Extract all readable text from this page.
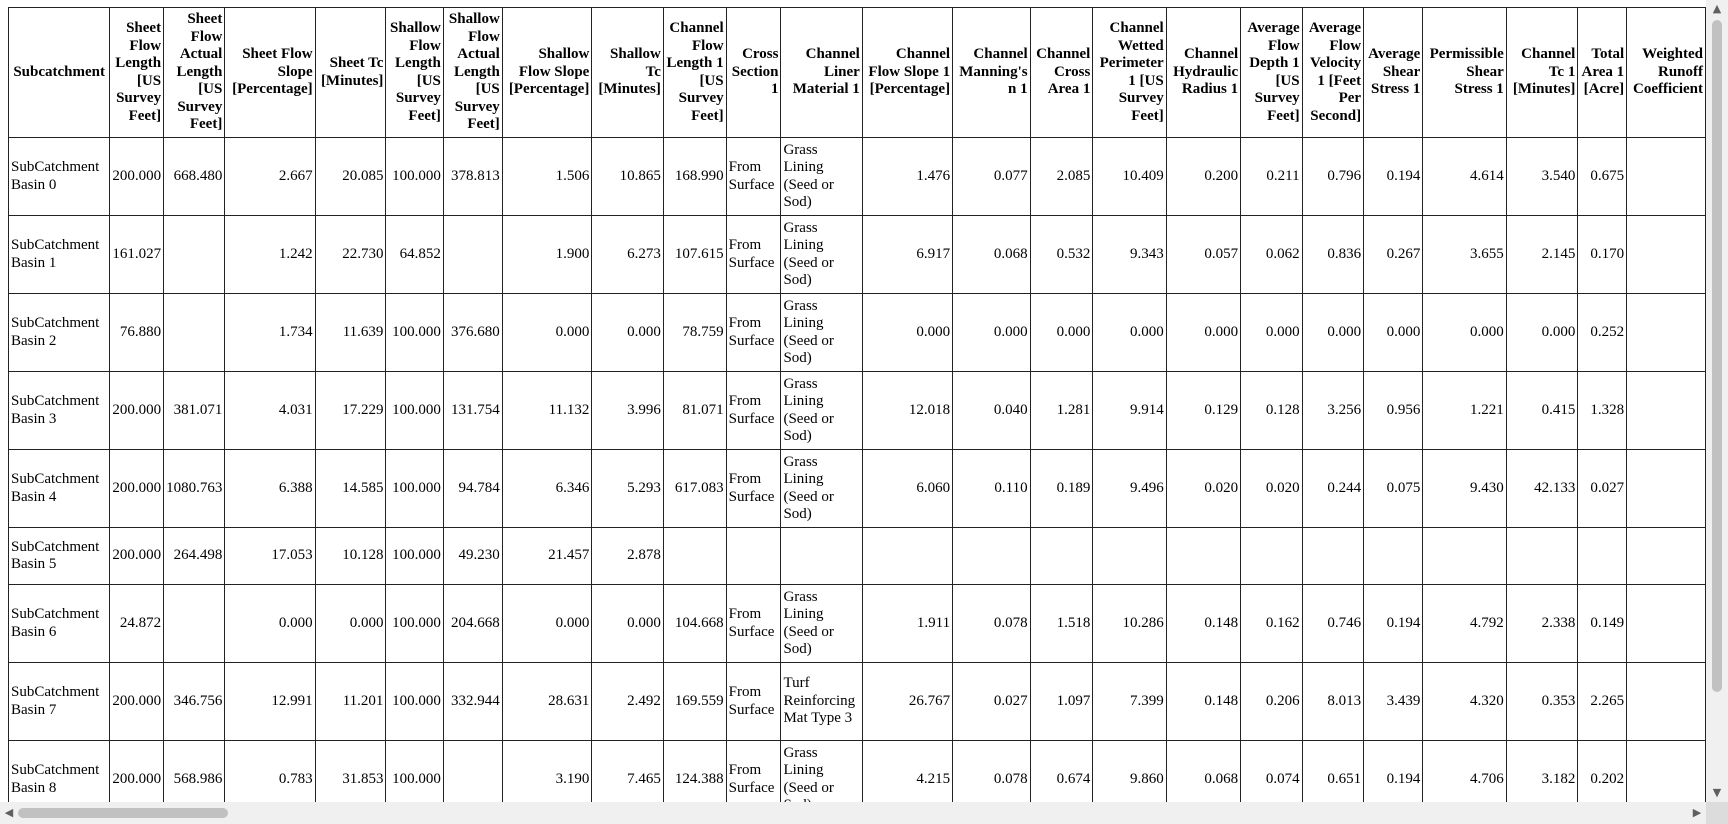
Subcatchment	Sheet Flow Length [US Survey Feet]	Sheet Flow Actual Length [US Survey Feet]	Sheet Flow Slope [Percentage]	Sheet Tc [Minutes]	Shallow Flow Length [US Survey Feet]	Shallow Flow Actual Length [US Survey Feet]	Shallow Flow Slope [Percentage]	Shallow Tc [Minutes]	Channel Flow Length 1 [US Survey Feet]	Cross Section 1	Channel Liner Material 1	Channel Flow Slope 1 [Percentage]	Channel Manning's n 1	Channel Cross Area 1	Channel Wetted Perimeter 1 [US Survey Feet]	Channel Hydraulic Radius 1	Average Flow Depth 1 [US Survey Feet]	Average Flow Velocity 1 [Feet Per Second]	Average Shear Stress 1	Permissible Shear Stress 1	Channel Tc 1 [Minutes]	Total Area 1 [Acre]	Weighted Runoff Coefficient
SubCatchment Basin 0	200.000	668.480	2.667	20.085	100.000	378.813	1.506	10.865	168.990	From Surface	Grass Lining (Seed or Sod)	1.476	0.077	2.085	10.409	0.200	0.211	0.796	0.194	4.614	3.540	0.675	
SubCatchment Basin 1	161.027		1.242	22.730	64.852		1.900	6.273	107.615	From Surface	Grass Lining (Seed or Sod)	6.917	0.068	0.532	9.343	0.057	0.062	0.836	0.267	3.655	2.145	0.170	
SubCatchment Basin 2	76.880		1.734	11.639	100.000	376.680	0.000	0.000	78.759	From Surface	Grass Lining (Seed or Sod)	0.000	0.000	0.000	0.000	0.000	0.000	0.000	0.000	0.000	0.000	0.252	
SubCatchment Basin 3	200.000	381.071	4.031	17.229	100.000	131.754	11.132	3.996	81.071	From Surface	Grass Lining (Seed or Sod)	12.018	0.040	1.281	9.914	0.129	0.128	3.256	0.956	1.221	0.415	1.328	
SubCatchment Basin 4	200.000	1080.763	6.388	14.585	100.000	94.784	6.346	5.293	617.083	From Surface	Grass Lining (Seed or Sod)	6.060	0.110	0.189	9.496	0.020	0.020	0.244	0.075	9.430	42.133	0.027	
SubCatchment Basin 5	200.000	264.498	17.053	10.128	100.000	49.230	21.457	2.878															
SubCatchment Basin 6	24.872		0.000	0.000	100.000	204.668	0.000	0.000	104.668	From Surface	Grass Lining (Seed or Sod)	1.911	0.078	1.518	10.286	0.148	0.162	0.746	0.194	4.792	2.338	0.149	
SubCatchment Basin 7	200.000	346.756	12.991	11.201	100.000	332.944	28.631	2.492	169.559	From Surface	Turf Reinforcing Mat Type 3	26.767	0.027	1.097	7.399	0.148	0.206	8.013	3.439	4.320	0.353	2.265	
SubCatchment Basin 8	200.000	568.986	0.783	31.853	100.000		3.190	7.465	124.388	From Surface	Grass Lining (Seed or	4.215	0.078	0.674	9.860	0.068	0.074	0.651	0.194	4.706	3.182	0.202	
▲
▼
◀	▶
